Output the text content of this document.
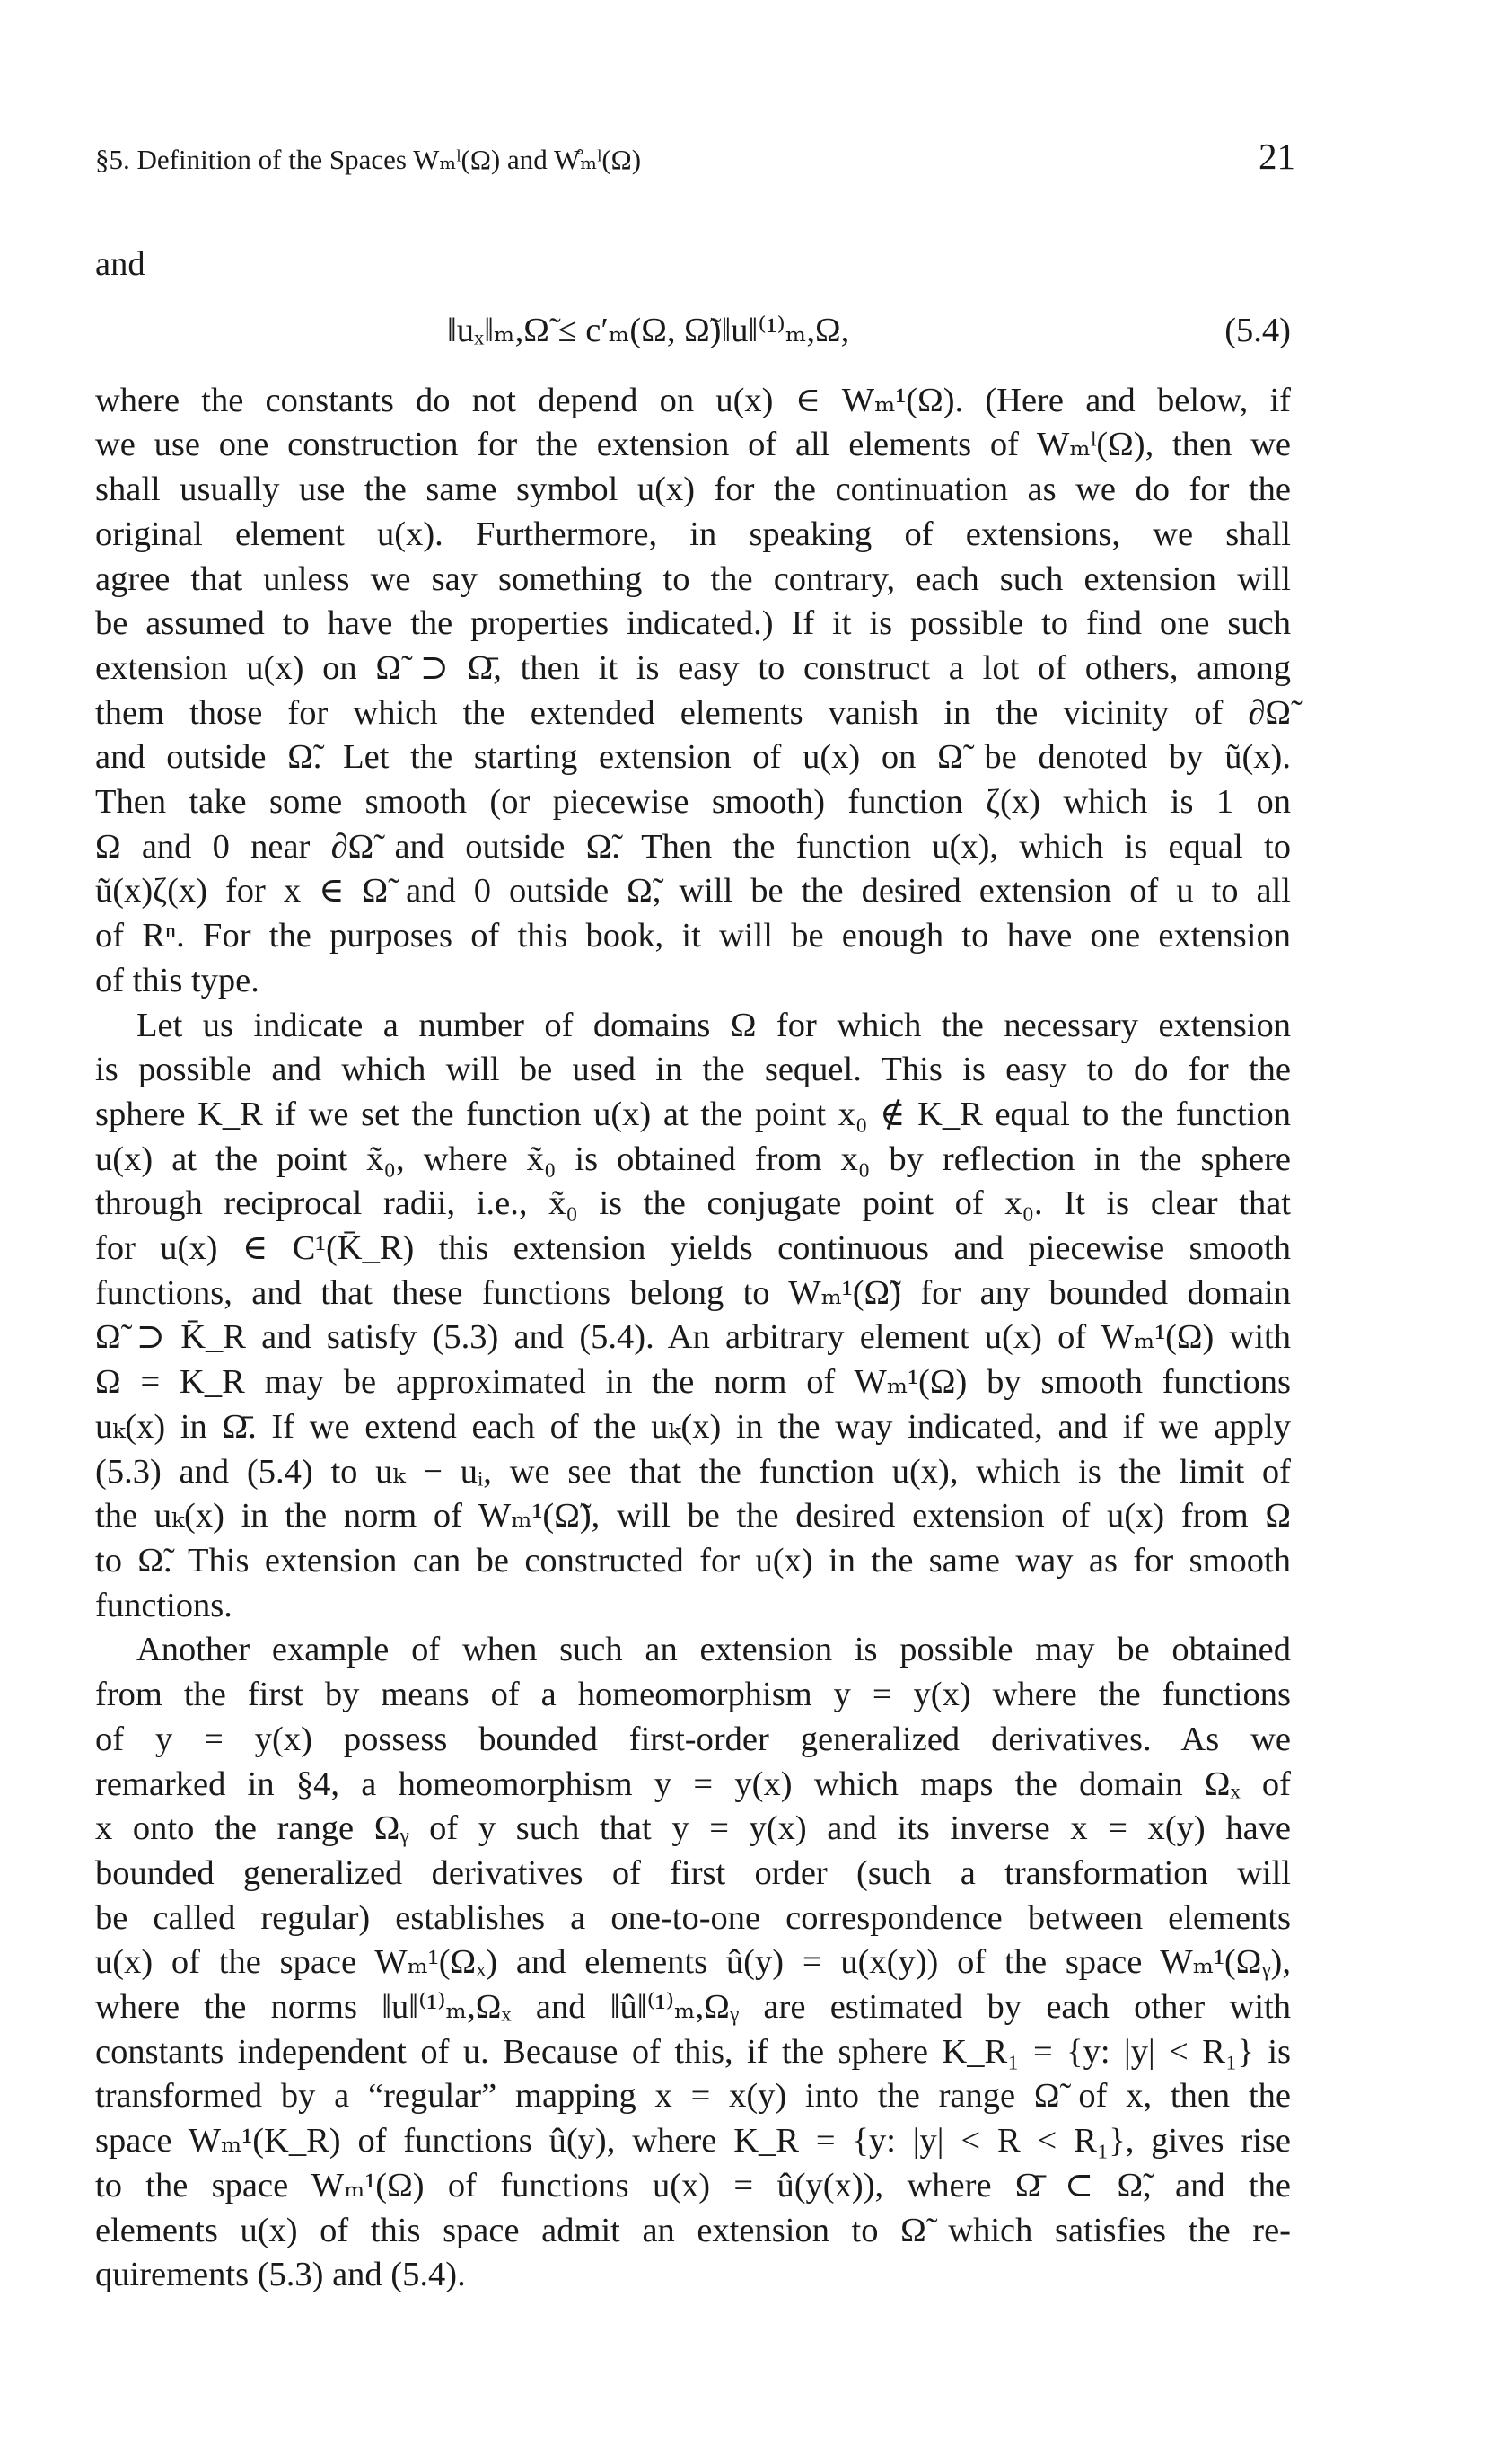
§5. Definition of the Spaces Wₘˡ(Ω) and W̊ₘˡ(Ω)	21
and
‖uₓ‖ₘ,Ω̃ ≤ c′ₘ(Ω, Ω̃)‖u‖⁽¹⁾ₘ,Ω,	(5.4)
where the constants do not depend on u(x) ∈ Wₘ¹(Ω). (Here and below, if
we use one construction for the extension of all elements of Wₘˡ(Ω), then we
shall usually use the same symbol u(x) for the continuation as we do for the
original element u(x). Furthermore, in speaking of extensions, we shall
agree that unless we say something to the contrary, each such extension will
be assumed to have the properties indicated.) If it is possible to find one such
extension u(x) on Ω̃ ⊃ Ω̄, then it is easy to construct a lot of others, among
them those for which the extended elements vanish in the vicinity of ∂Ω̃
and outside Ω̃. Let the starting extension of u(x) on Ω̃ be denoted by ũ(x).
Then take some smooth (or piecewise smooth) function ζ(x) which is 1 on
Ω and 0 near ∂Ω̃ and outside Ω̃. Then the function u(x), which is equal to
ũ(x)ζ(x) for x ∈ Ω̃ and 0 outside Ω̃, will be the desired extension of u to all
of Rⁿ. For the purposes of this book, it will be enough to have one extension
of this type.
Let us indicate a number of domains Ω for which the necessary extension
is possible and which will be used in the sequel. This is easy to do for the
sphere K_R if we set the function u(x) at the point x₀ ∉ K_R equal to the function
u(x) at the point x̃₀, where x̃₀ is obtained from x₀ by reflection in the sphere
through reciprocal radii, i.e., x̃₀ is the conjugate point of x₀. It is clear that
for u(x) ∈ C¹(K̄_R) this extension yields continuous and piecewise smooth
functions, and that these functions belong to Wₘ¹(Ω̃) for any bounded domain
Ω̃ ⊃ K̄_R and satisfy (5.3) and (5.4). An arbitrary element u(x) of Wₘ¹(Ω) with
Ω = K_R may be approximated in the norm of Wₘ¹(Ω) by smooth functions
uₖ(x) in Ω̄. If we extend each of the uₖ(x) in the way indicated, and if we apply
(5.3) and (5.4) to uₖ − uᵢ, we see that the function u(x), which is the limit of
the uₖ(x) in the norm of Wₘ¹(Ω̃), will be the desired extension of u(x) from Ω
to Ω̃. This extension can be constructed for u(x) in the same way as for smooth
functions.
Another example of when such an extension is possible may be obtained
from the first by means of a homeomorphism y = y(x) where the functions
of y = y(x) possess bounded first-order generalized derivatives. As we
remarked in §4, a homeomorphism y = y(x) which maps the domain Ωₓ of
x onto the range Ωᵧ of y such that y = y(x) and its inverse x = x(y) have
bounded generalized derivatives of first order (such a transformation will
be called regular) establishes a one-to-one correspondence between elements
u(x) of the space Wₘ¹(Ωₓ) and elements û(y) = u(x(y)) of the space Wₘ¹(Ωᵧ),
where the norms ‖u‖⁽¹⁾ₘ,Ωₓ and ‖û‖⁽¹⁾ₘ,Ωᵧ are estimated by each other with
constants independent of u. Because of this, if the sphere K_R₁ = {y: |y| < R₁} is
transformed by a “regular” mapping x = x(y) into the range Ω̃ of x, then the
space Wₘ¹(K_R) of functions û(y), where K_R = {y: |y| < R < R₁}, gives rise
to the space Wₘ¹(Ω) of functions u(x) = û(y(x)), where Ω̄ ⊂ Ω̃, and the
elements u(x) of this space admit an extension to Ω̃ which satisfies the re-
quirements (5.3) and (5.4).
